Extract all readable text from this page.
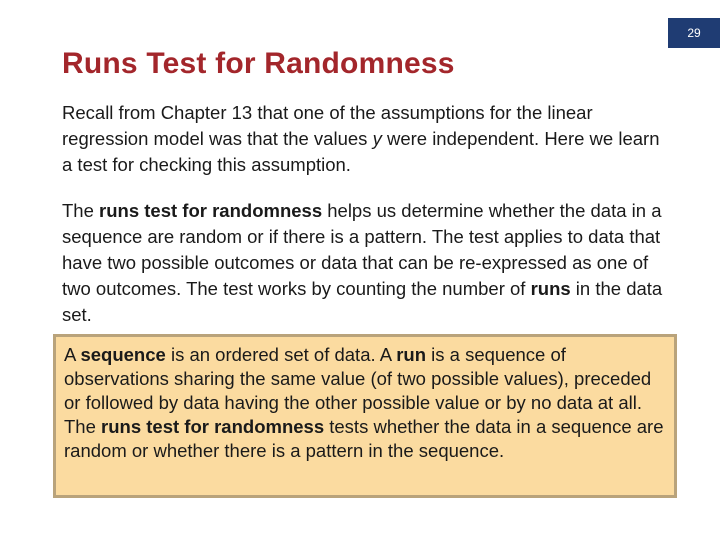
29
Runs Test for Randomness

Recall from Chapter 13 that one of the assumptions for the linear regression model was that the values y were independent. Here we learn a test for checking this assumption.

The runs test for randomness helps us determine whether the data in a sequence are random or if there is a pattern. The test applies to data that have two possible outcomes or data that can be re-expressed as one of two outcomes. The test works by counting the number of runs in the data set.

A sequence is an ordered set of data. A run is a sequence of observations sharing the same value (of two possible values), preceded or followed by data having the other possible value or by no data at all. The runs test for randomness tests whether the data in a sequence are random or whether there is a pattern in the sequence.
